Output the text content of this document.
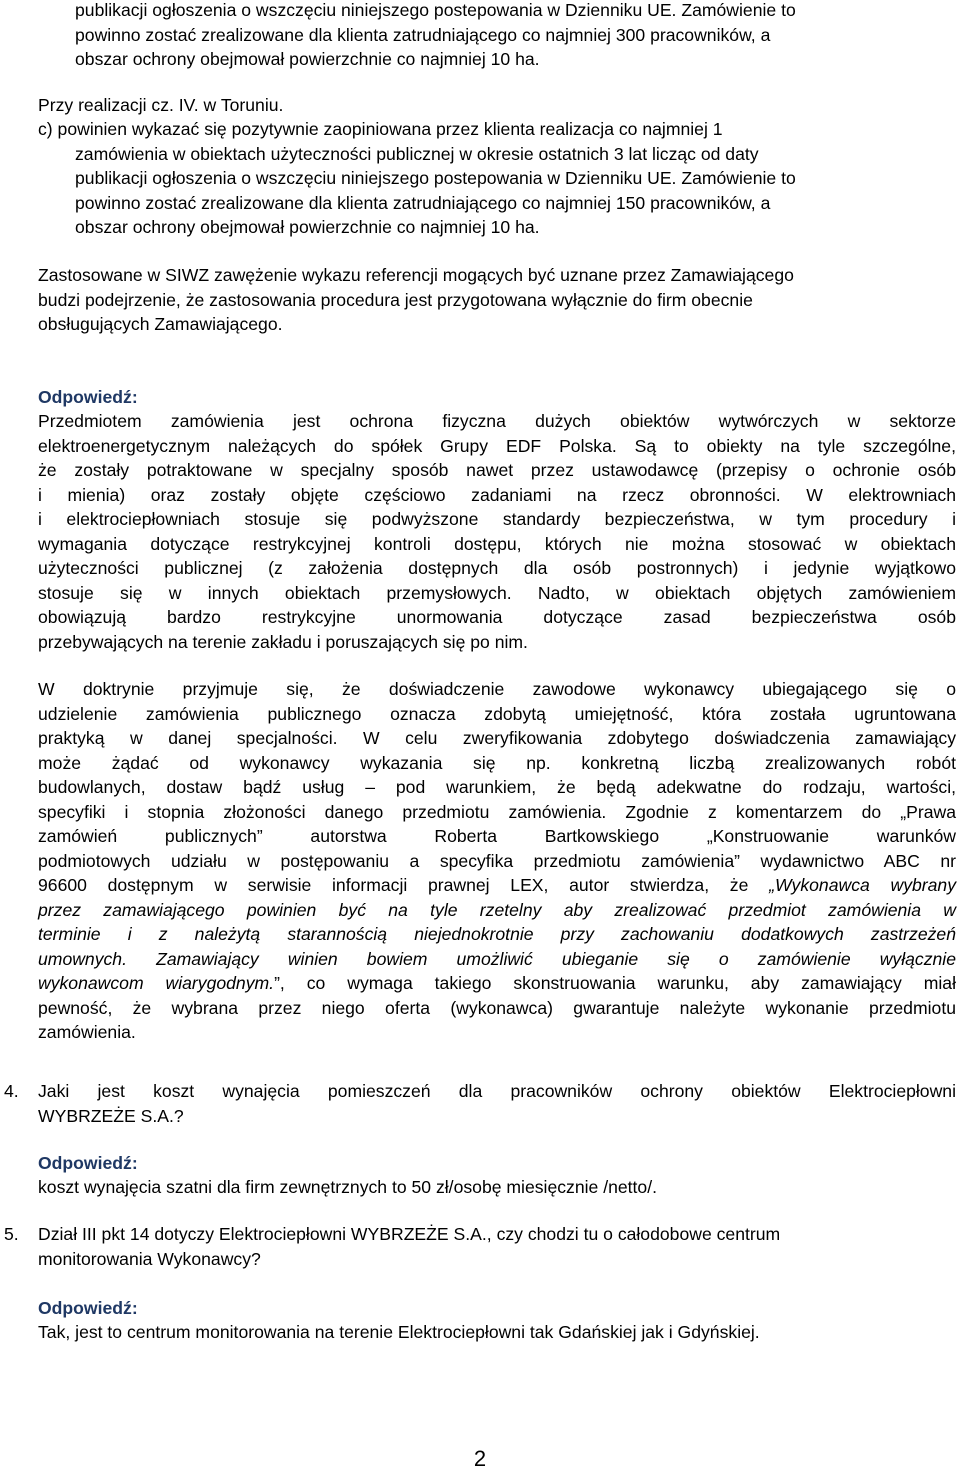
publikacji ogłoszenia o wszczęciu niniejszego postepowania w Dzienniku UE. Zamówienie to

powinno zostać zrealizowane dla klienta zatrudniającego co najmniej 300 pracowników, a

obszar ochrony obejmował powierzchnie co najmniej 10 ha.

Przy realizacji cz. IV. w Toruniu.

c) powinien wykazać się pozytywnie zaopiniowana przez klienta realizacja co najmniej 1

zamówienia w obiektach użyteczności publicznej w okresie ostatnich 3 lat licząc od daty

publikacji ogłoszenia o wszczęciu niniejszego postepowania w Dzienniku UE. Zamówienie to

powinno zostać zrealizowane dla klienta zatrudniającego co najmniej 150 pracowników, a

obszar ochrony obejmował powierzchnie co najmniej 10 ha.

Zastosowane w SIWZ zawężenie wykazu referencji mogących być uznane przez Zamawiającego

budzi podejrzenie, że zastosowania procedura jest przygotowana wyłącznie do firm obecnie

obsługujących Zamawiającego.

Odpowiedź:

Przedmiotem zamówienia jest ochrona fizyczna dużych obiektów wytwórczych w sektorze

elektroenergetycznym należących do spółek Grupy EDF Polska. Są to obiekty na tyle szczególne,

że zostały potraktowane w specjalny sposób nawet przez ustawodawcę (przepisy o ochronie osób

i mienia) oraz zostały objęte częściowo zadaniami na rzecz obronności. W elektrowniach

i elektrociepłowniach stosuje się podwyższone standardy bezpieczeństwa, w tym procedury i

wymagania dotyczące restrykcyjnej kontroli dostępu, których nie można stosować w obiektach

użyteczności publicznej (z założenia dostępnych dla osób postronnych) i jedynie wyjątkowo

stosuje się w innych obiektach przemysłowych. Nadto, w obiektach objętych zamówieniem

obowiązują bardzo restrykcyjne unormowania dotyczące zasad bezpieczeństwa osób

przebywających na terenie zakładu i poruszających się po nim.

W doktrynie przyjmuje się, że doświadczenie zawodowe wykonawcy ubiegającego się o

udzielenie zamówienia publicznego oznacza zdobytą umiejętność, która została ugruntowana

praktyką w danej specjalności. W celu zweryfikowania zdobytego doświadczenia zamawiający

może żądać od wykonawcy wykazania się np. konkretną liczbą zrealizowanych robót

budowlanych, dostaw bądź usług – pod warunkiem, że będą adekwatne do rodzaju, wartości,

specyfiki i stopnia złożoności danego przedmiotu zamówienia. Zgodnie z komentarzem do „Prawa

zamówień publicznych” autorstwa Roberta Bartkowskiego „Konstruowanie warunków

podmiotowych udziału w postępowaniu a specyfika przedmiotu zamówienia” wydawnictwo ABC nr

96600 dostępnym w serwisie informacji prawnej LEX, autor stwierdza, że „Wykonawca wybrany

przez zamawiającego powinien być na tyle rzetelny aby zrealizować przedmiot zamówienia w

terminie i z należytą starannością niejednokrotnie przy zachowaniu dodatkowych zastrzeżeń

umownych. Zamawiający winien bowiem umożliwić ubieganie się o zamówienie wyłącznie

wykonawcom wiarygodnym.”, co wymaga takiego skonstruowania warunku, aby zamawiający miał

pewność, że wybrana przez niego oferta (wykonawca) gwarantuje należyte wykonanie przedmiotu

zamówienia.

4. Jaki jest koszt wynajęcia pomieszczeń dla pracowników ochrony obiektów Elektrociepłowni

WYBRZEŻE S.A.?

Odpowiedź:

koszt wynajęcia szatni dla firm zewnętrznych to 50 zł/osobę miesięcznie /netto/.

5. Dział III pkt 14 dotyczy Elektrociepłowni WYBRZEŻE S.A., czy chodzi tu o całodobowe centrum

monitorowania Wykonawcy?

Odpowiedź:

Tak, jest to centrum monitorowania na terenie Elektrociepłowni tak Gdańskiej jak i Gdyńskiej.

2
